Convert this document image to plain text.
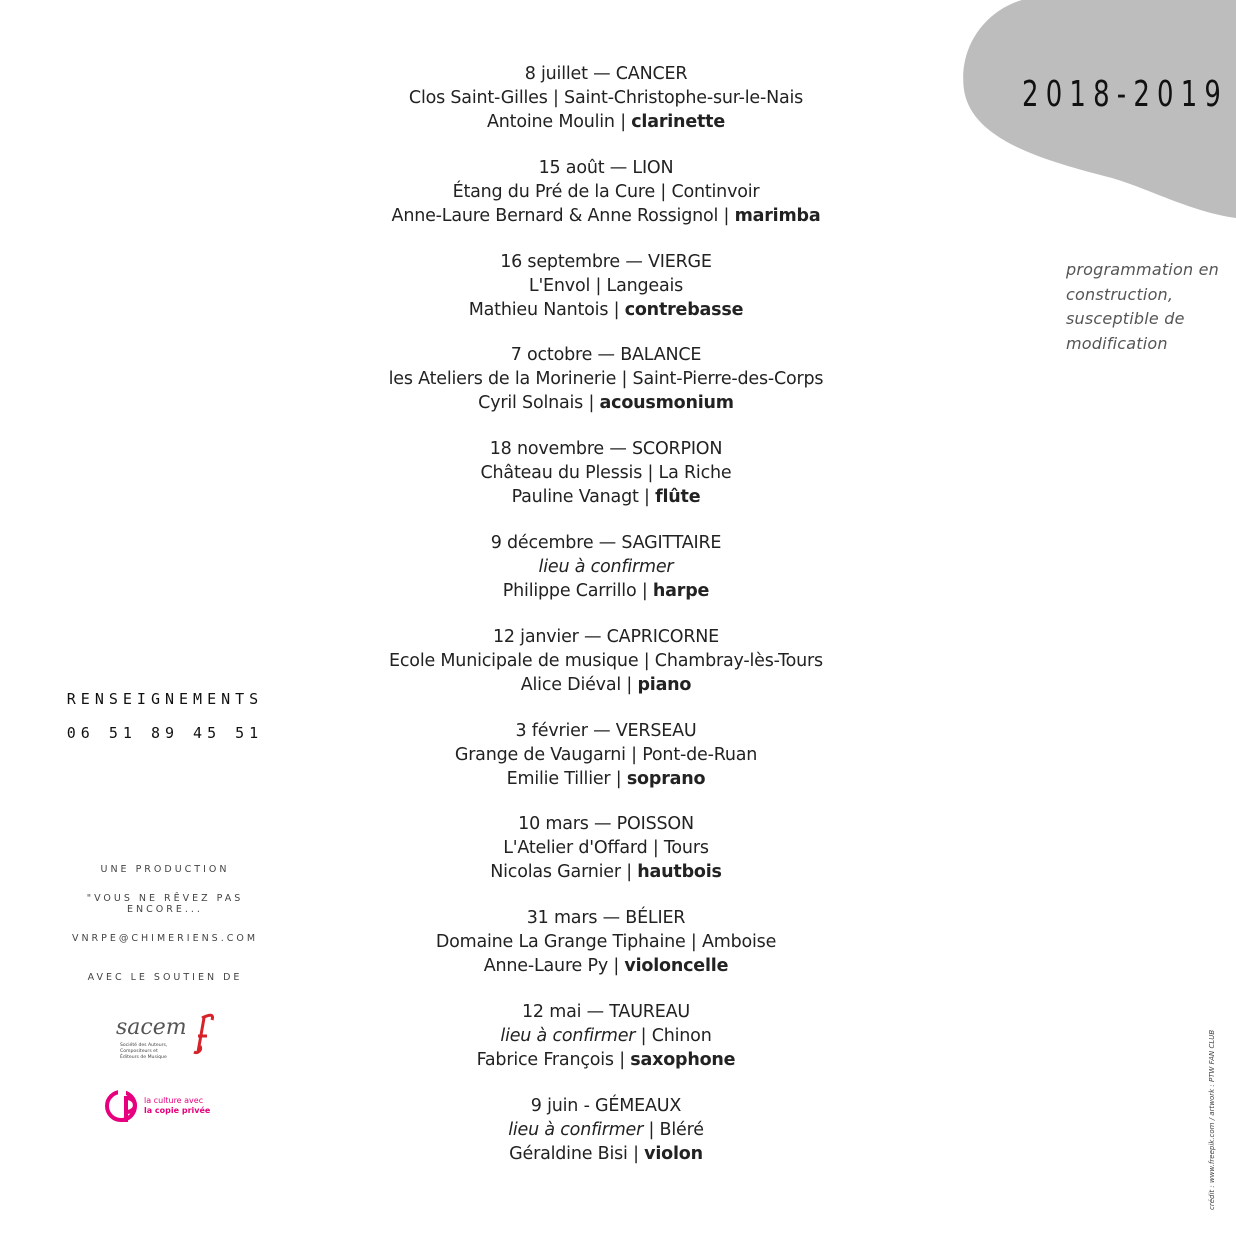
2018-2019
programmation en construction, susceptible de modification
8 juillet — CANCER
Clos Saint-Gilles | Saint-Christophe-sur-le-Nais
Antoine Moulin | clarinette
15 août — LION
Étang du Pré de la Cure | Continvoir
Anne-Laure Bernard & Anne Rossignol | marimba
16 septembre — VIERGE
L'Envol | Langeais
Mathieu Nantois | contrebasse
7 octobre — BALANCE
les Ateliers de la Morinerie | Saint-Pierre-des-Corps
Cyril Solnais | acousmonium
18 novembre — SCORPION
Château du Plessis | La Riche
Pauline Vanagt | flûte
9 décembre — SAGITTAIRE
lieu à confirmer
Philippe Carrillo | harpe
12 janvier — CAPRICORNE
Ecole Municipale de musique | Chambray-lès-Tours
Alice Diéval | piano
3 février — VERSEAU
Grange de Vaugarni | Pont-de-Ruan
Emilie Tillier | soprano
10 mars — POISSON
L'Atelier d'Offard | Tours
Nicolas Garnier | hautbois
31 mars — BÉLIER
Domaine La Grange Tiphaine | Amboise
Anne-Laure Py | violoncelle
12 mai — TAUREAU
lieu à confirmer | Chinon
Fabrice François | saxophone
9 juin - GÉMEAUX
lieu à confirmer | Bléré
Géraldine Bisi | violon
RENSEIGNEMENTS
06 51 89 45 51
UNE PRODUCTION
"VOUS NE RÊVEZ PAS ENCORE...
VNRPE@CHIMERIENS.COM
AVEC LE SOUTIEN DE
sacem
Société des Auteurs,
Compositeurs et
Éditeurs de Musique
la culture avec
la copie privée	crédit : www.freepik.com / artwork : PTW FAN CLUB
